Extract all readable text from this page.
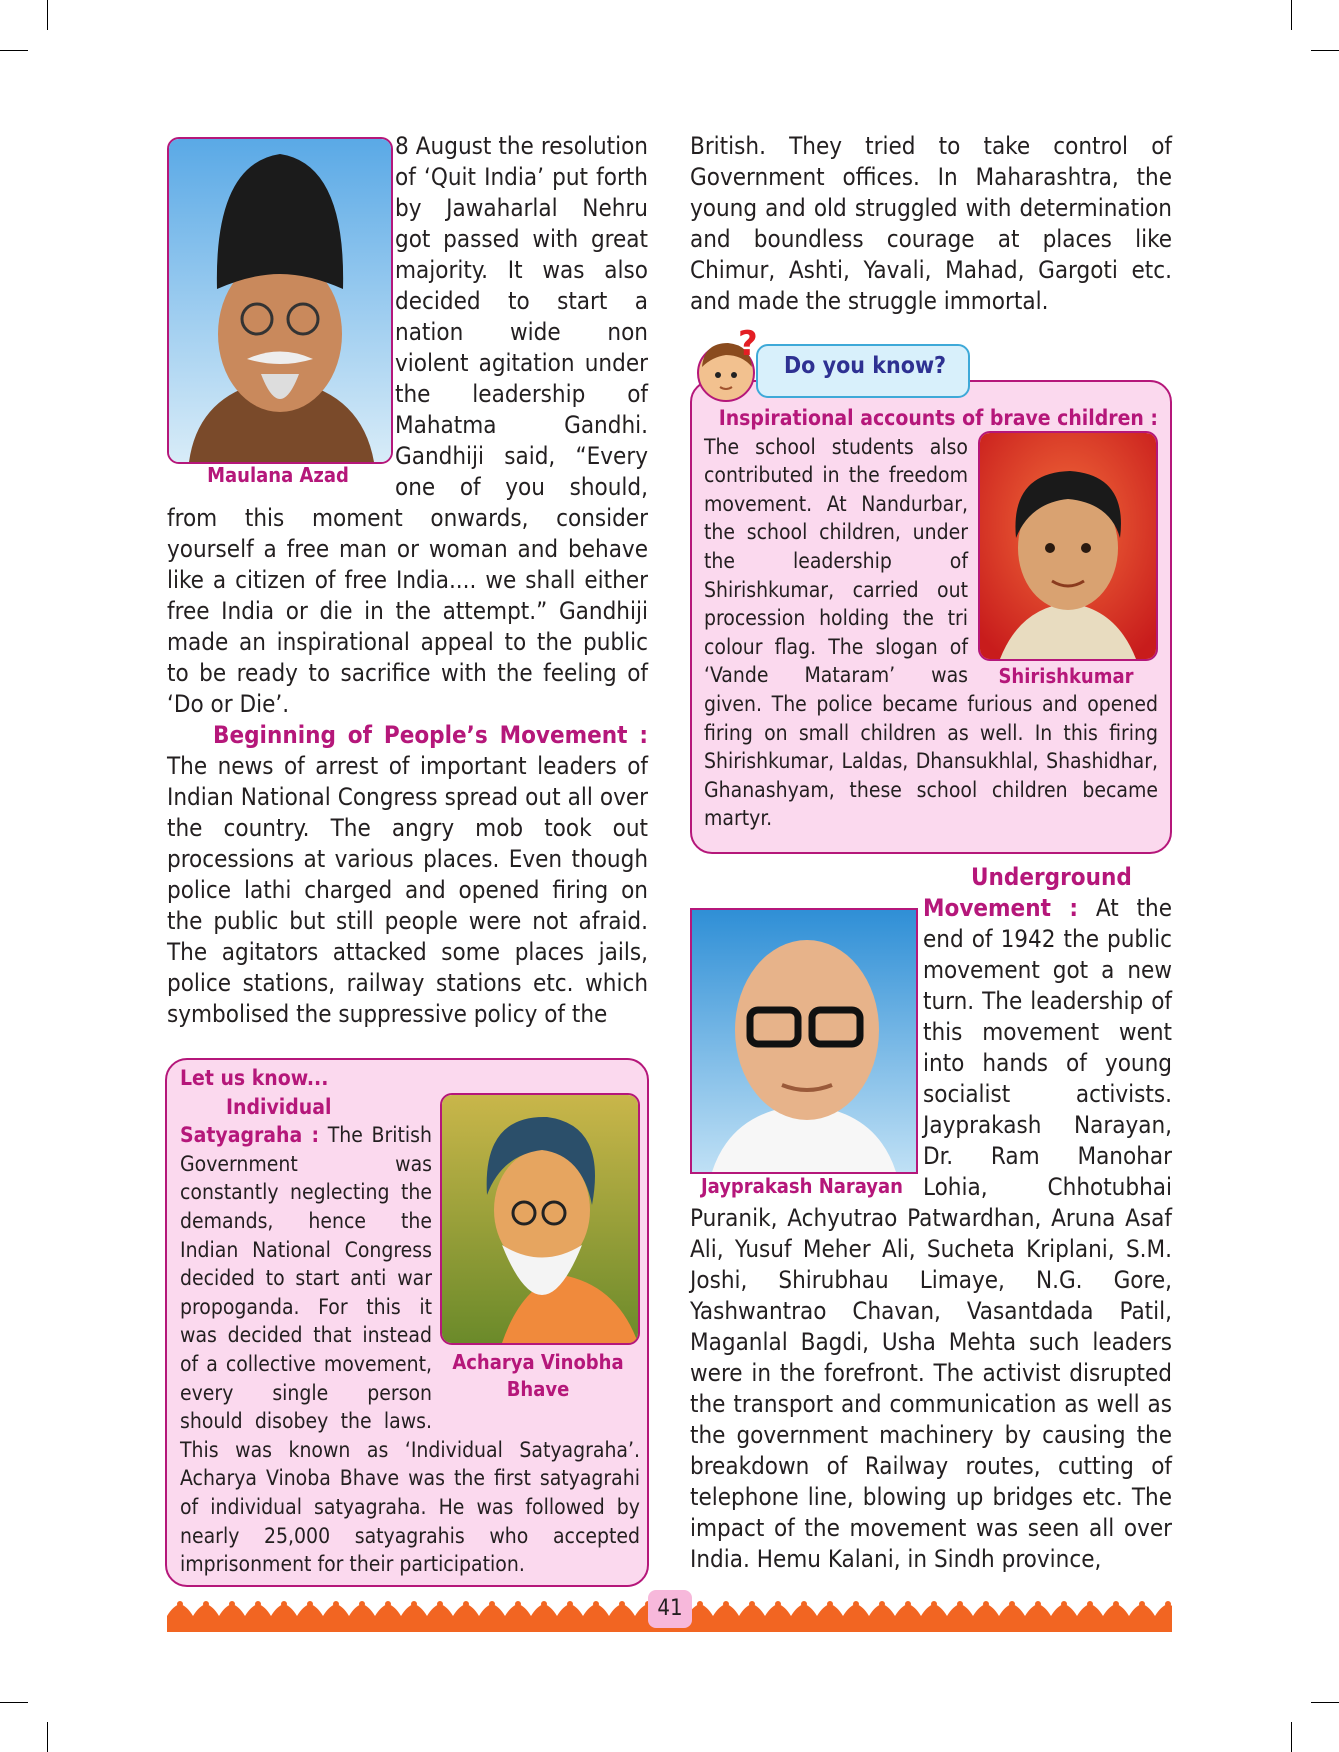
Maulana Azad

8 August the resolution of ‘Quit India’ put forth by Jawaharlal Nehru got passed with great majority. It was also decided to start a nation wide non violent agitation under the leadership of Mahatma Gandhi. Gandhiji said, “Every one of you should, from this moment onwards, consider yourself a free man or woman and behave like a citizen of free India.... we shall either free India or die in the attempt.” Gandhiji made an inspirational appeal to the public to be ready to sacrifice with the feeling of ‘Do or Die’.

Beginning of People’s Movement : The news of arrest of important leaders of Indian National Congress spread out all over the country. The angry mob took out processions at various places. Even though police lathi charged and opened firing on the public but still people were not afraid. The agitators attacked some places jails, police stations, railway stations etc. which symbolised the suppressive policy of the

Let us know...

Acharya Vinobha Bhave

Individual Satyagraha : The British Government was constantly neglecting the demands, hence the Indian National Congress decided to start anti war propoganda. For this it was decided that instead of a collective movement, every single person should disobey the laws. This was known as ‘Individual Satyagraha’. Acharya Vinoba Bhave was the first satyagrahi of individual satyagraha. He was followed by nearly 25,000 satyagrahis who accepted imprisonment for their participation.

British. They tried to take control of Government offices. In Maharashtra, the young and old struggled with determination and boundless courage at places like Chimur, Ashti, Yavali, Mahad, Gargoti etc. and made the struggle immortal.

Do you know?
?

Inspirational accounts of brave children :

Shirishkumar

The school students also contributed in the freedom movement. At Nandurbar, the school children, under the leadership of Shirishkumar, carried out procession holding the tri colour flag. The slogan of ‘Vande Mataram’ was given. The police became furious and opened firing on small children as well. In this firing Shirishkumar, Laldas, Dhansukhlal, Shashidhar, Ghanashyam, these school children became martyr.

Underground Movement : At the end of 1942 the public movement got a new turn. The leadership of this movement went into hands of young socialist activists. Jayprakash Narayan, Dr. Ram Manohar Lohia, Chhotubhai Puranik, Achyutrao Patwardhan, Aruna Asaf Ali, Yusuf Meher Ali, Sucheta Kriplani, S.M. Joshi, Shirubhau Limaye, N.G. Gore, Yashwantrao Chavan, Vasantdada Patil, Maganlal Bagdi, Usha Mehta such leaders were in the forefront. The activist disrupted the transport and communication as well as the government machinery by causing the breakdown of Railway routes, cutting of telephone line, blowing up bridges etc. The impact of the movement was seen all over India. Hemu Kalani, in Sindh province,

Jayprakash Narayan
41
